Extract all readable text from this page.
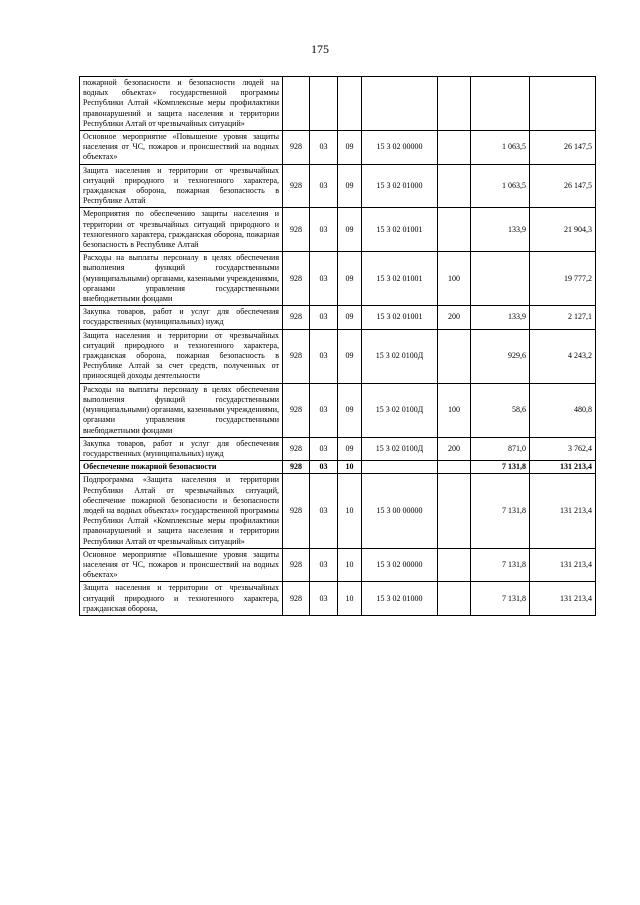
175
пожарной безопасности и безопасности людей на водных объектах» государственной программы Республики Алтай «Комплексные меры профилактики правонарушений и защита населения и территории Республики Алтай от чрезвычайных ситуаций»							
Основное мероприятие «Повышение уровня защиты населения от ЧС, пожаров и происшествий на водных объектах»	928	03	09	15 3 02 00000		1 063,5	26 147,5
Защита населения и территории от чрезвычайных ситуаций природного и техногенного характера, гражданская оборона, пожарная безопасность в Республике Алтай	928	03	09	15 3 02 01000		1 063,5	26 147,5
Мероприятия по обеспечению защиты населения и территории от чрезвычайных ситуаций природного и техногенного характера, гражданская оборона, пожарная безопасность в Республике Алтай	928	03	09	15 3 02 01001		133,9	21 904,3
Расходы на выплаты персоналу в целях обеспечения выполнения функций государственными (муниципальными) органами, казенными учреждениями, органами управления государственными внебюджетными фондами	928	03	09	15 3 02 01001	100		19 777,2
Закупка товаров, работ и услуг для обеспечения государственных (муниципальных) нужд	928	03	09	15 3 02 01001	200	133,9	2 127,1
Защита населения и территории от чрезвычайных ситуаций природного и техногенного характера, гражданская оборона, пожарная безопасность в Республике Алтай за счет средств, полученных от приносящей доходы деятельности	928	03	09	15 3 02 0100Д		929,6	4 243,2
Расходы на выплаты персоналу в целях обеспечения выполнения функций государственными (муниципальными) органами, казенными учреждениями, органами управления государственными внебюджетными фондами	928	03	09	15 3 02 0100Д	100	58,6	480,8
Закупка товаров, работ и услуг для обеспечения государственных (муниципальных) нужд	928	03	09	15 3 02 0100Д	200	871,0	3 762,4
Обеспечение пожарной безопасности	928	03	10			7 131,8	131 213,4
Подпрограмма «Защита населения и территории Республики Алтай от чрезвычайных ситуаций, обеспечение пожарной безопасности и безопасности людей на водных объектах» государственной программы Республики Алтай «Комплексные меры профилактики правонарушений и защита населения и территории Республики Алтай от чрезвычайных ситуаций»	928	03	10	15 3 00 00000		7 131,8	131 213,4
Основное мероприятие «Повышение уровня защиты населения от ЧС, пожаров и происшествий на водных объектах»	928	03	10	15 3 02 00000		7 131,8	131 213,4
Защита населения и территории от чрезвычайных ситуаций природного и техногенного характера, гражданская оборона,	928	03	10	15 3 02 01000		7 131,8	131 213,4
